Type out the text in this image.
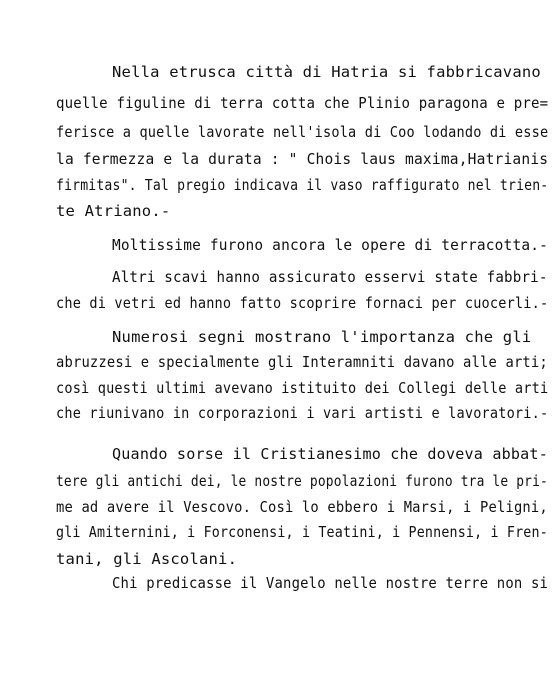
Nella etrusca città di Hatria si fabbricavano

quelle figuline di terra cotta che Plinio paragona e pre=

ferisce a quelle lavorate nell'isola di Coo lodando di esse

la fermezza e la durata : " Chois laus maxima,Hatrianis

firmitas". Tal pregio indicava il vaso raffigurato nel trien-

te Atriano.-

Moltissime furono ancora le opere di terracotta.-

Altri scavi hanno assicurato esservi state fabbri-

che di vetri ed hanno fatto scoprire fornaci per cuocerli.-

Numerosi segni mostrano l'importanza che gli

abruzzesi e specialmente gli Interamniti davano alle arti;

così questi ultimi avevano istituito dei Collegi delle arti

che riunivano in corporazioni i vari artisti e lavoratori.-

Quando sorse il Cristianesimo che doveva abbat-

tere gli antichi dei, le nostre popolazioni furono tra le pri-

me ad avere il Vescovo. Così lo ebbero i Marsi, i Peligni,

gli Amiternini, i Forconensi, i Teatini, i Pennensi, i Fren-

tani, gli Ascolani.

Chi predicasse il Vangelo nelle nostre terre non si
